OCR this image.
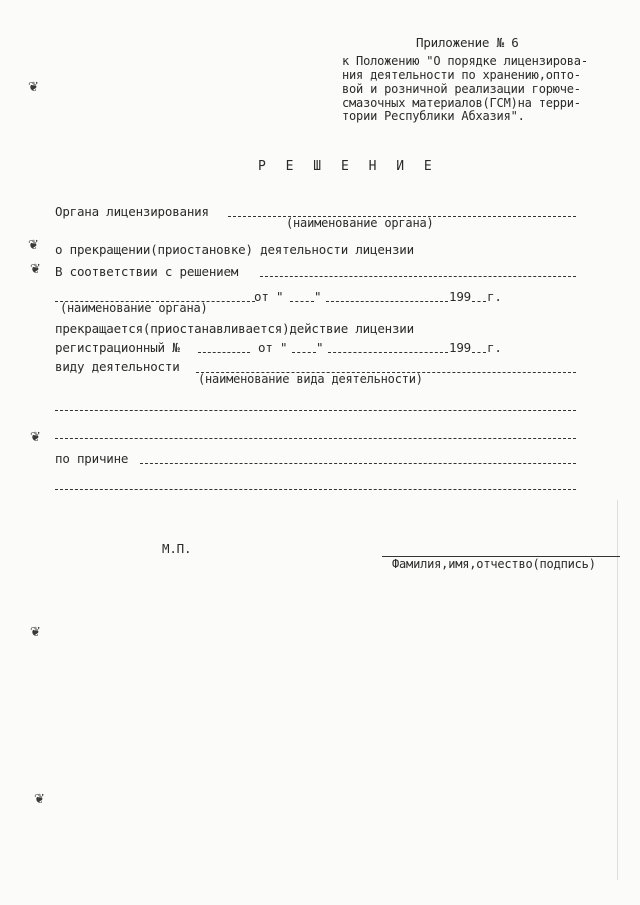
❦
❦
❦
❦
❦
❦
Приложение № 6
к Положению "О порядке лицензирова-
ния деятельности по хранению,опто-
вой и розничной реализации горюче-
смазочных материалов(ГСМ)на терри-
тории Республики Абхазия".
Р Е Ш Е Н И Е
Органа лицензирования
(наименование органа)
о прекращении(приостановке) деятельности лицензии
В соответствии с решением
(наименование органа)
от " "	199 г.
прекращается(приостанавливается)действие лицензии
регистрационный №	от " "	199 г.
виду деятельности
(наименование вида деятельности)
по причине
М.П.
Фамилия,имя,отчество(подпись)
